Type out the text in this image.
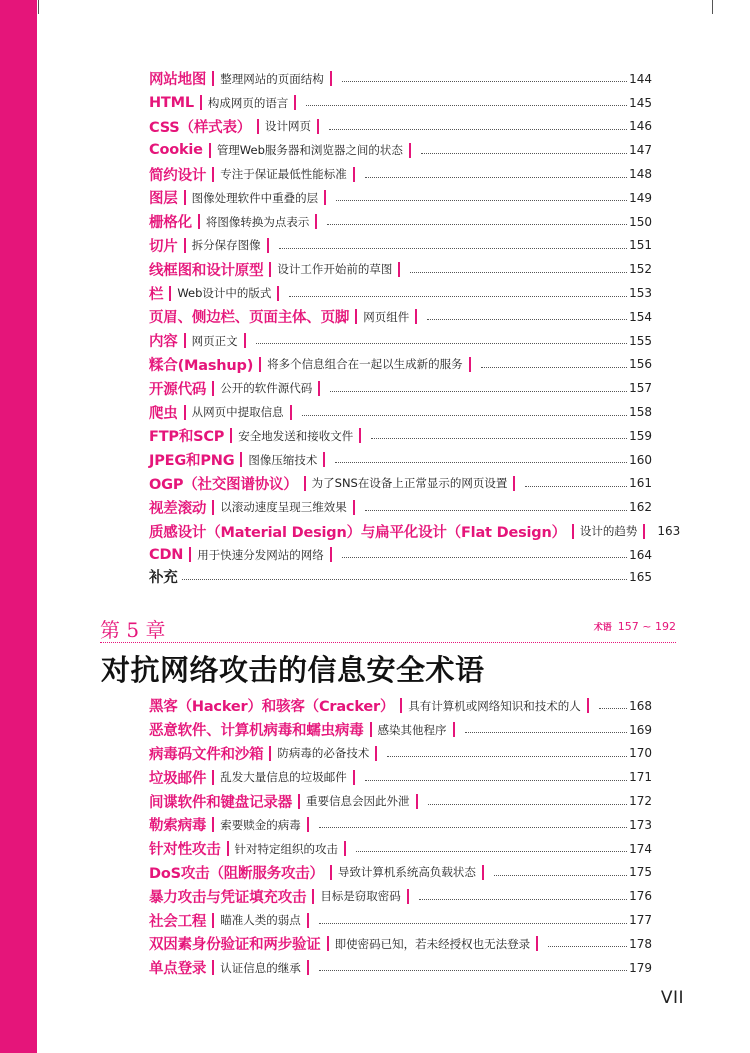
网站地图 整理网站的页面结构	144
HTML 构成网页的语言	145
CSS（样式表） 设计网页	146
Cookie 管理Web服务器和浏览器之间的状态	147
简约设计 专注于保证最低性能标准	148
图层 图像处理软件中重叠的层	149
栅格化 将图像转换为点表示	150
切片 拆分保存图像	151
线框图和设计原型 设计工作开始前的草图	152
栏 Web设计中的版式	153
页眉、侧边栏、页面主体、页脚 网页组件	154
内容 网页正文	155
糅合(Mashup) 将多个信息组合在一起以生成新的服务	156
开源代码 公开的软件源代码	157
爬虫 从网页中提取信息	158
FTP和SCP 安全地发送和接收文件	159
JPEG和PNG 图像压缩技术	160
OGP（社交图谱协议） 为了SNS在设备上正常显示的网页设置	161
视差滚动 以滚动速度呈现三维效果	162
质感设计（Material Design）与扁平化设计（Flat Design） 设计的趋势 163
CDN 用于快速分发网站的网络	164
补充	165
第 5 章	术语 157 ~ 192
对抗网络攻击的信息安全术语
黑客（Hacker）和骇客（Cracker） 具有计算机或网络知识和技术的人	168
恶意软件、计算机病毒和蠕虫病毒 感染其他程序	169
病毒码文件和沙箱 防病毒的必备技术	170
垃圾邮件 乱发大量信息的垃圾邮件	171
间谍软件和键盘记录器 重要信息会因此外泄	172
勒索病毒 索要赎金的病毒	173
针对性攻击 针对特定组织的攻击	174
DoS攻击（阻断服务攻击） 导致计算机系统高负载状态	175
暴力攻击与凭证填充攻击 目标是窃取密码	176
社会工程 瞄准人类的弱点	177
双因素身份验证和两步验证 即使密码已知，若未经授权也无法登录	178
单点登录 认证信息的继承	179
VII
